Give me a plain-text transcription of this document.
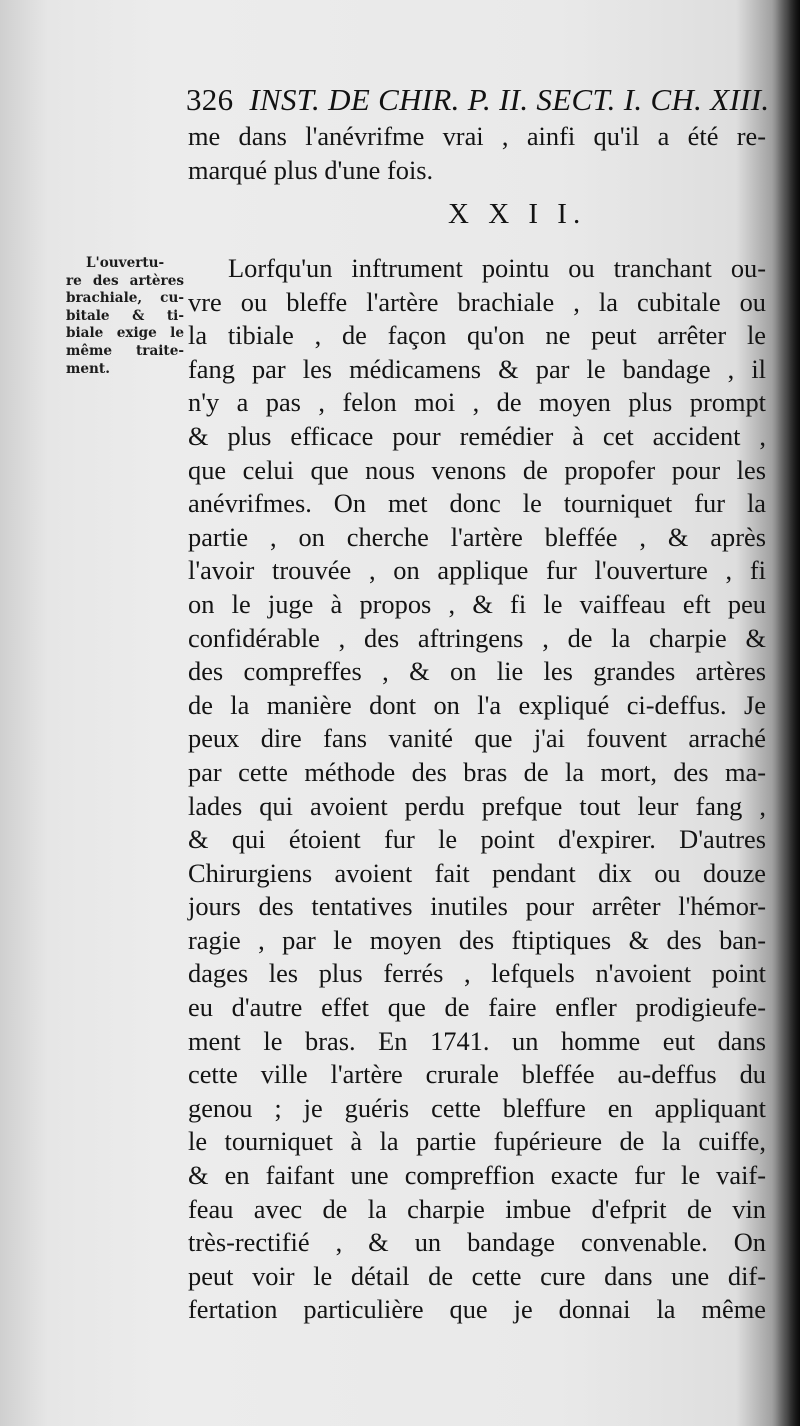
326 INST. DE CHIR. P. II. SECT. I. CH. XIII.
me dans l'anévrifme vrai , ainfi qu'il a été re-
marqué plus d'une fois.
X X I I.
L'ouvertu-
re des artères
brachiale, cu-
bitale & ti-
biale exige le
même traite-
ment.
Lorfqu'un inftrument pointu ou tranchant ou-
vre ou bleffe l'artère brachiale , la cubitale ou
la tibiale , de façon qu'on ne peut arrêter le
fang par les médicamens & par le bandage , il
n'y a pas , felon moi , de moyen plus prompt
& plus efficace pour remédier à cet accident ,
que celui que nous venons de propofer pour les
anévrifmes. On met donc le tourniquet fur la
partie , on cherche l'artère bleffée , & après
l'avoir trouvée , on applique fur l'ouverture , fi
on le juge à propos , & fi le vaiffeau eft peu
confidérable , des aftringens , de la charpie &
des compreffes , & on lie les grandes artères
de la manière dont on l'a expliqué ci-deffus. Je
peux dire fans vanité que j'ai fouvent arraché
par cette méthode des bras de la mort, des ma-
lades qui avoient perdu prefque tout leur fang ,
& qui étoient fur le point d'expirer. D'autres
Chirurgiens avoient fait pendant dix ou douze
jours des tentatives inutiles pour arrêter l'hémor-
ragie , par le moyen des ftiptiques & des ban-
dages les plus ferrés , lefquels n'avoient point
eu d'autre effet que de faire enfler prodigieufe-
ment le bras. En 1741. un homme eut dans
cette ville l'artère crurale bleffée au-deffus du
genou ; je guéris cette bleffure en appliquant
le tourniquet à la partie fupérieure de la cuiffe,
& en faifant une compreffion exacte fur le vaif-
feau avec de la charpie imbue d'efprit de vin
très-rectifié , & un bandage convenable. On
peut voir le détail de cette cure dans une dif-
fertation particulière que je donnai la même
